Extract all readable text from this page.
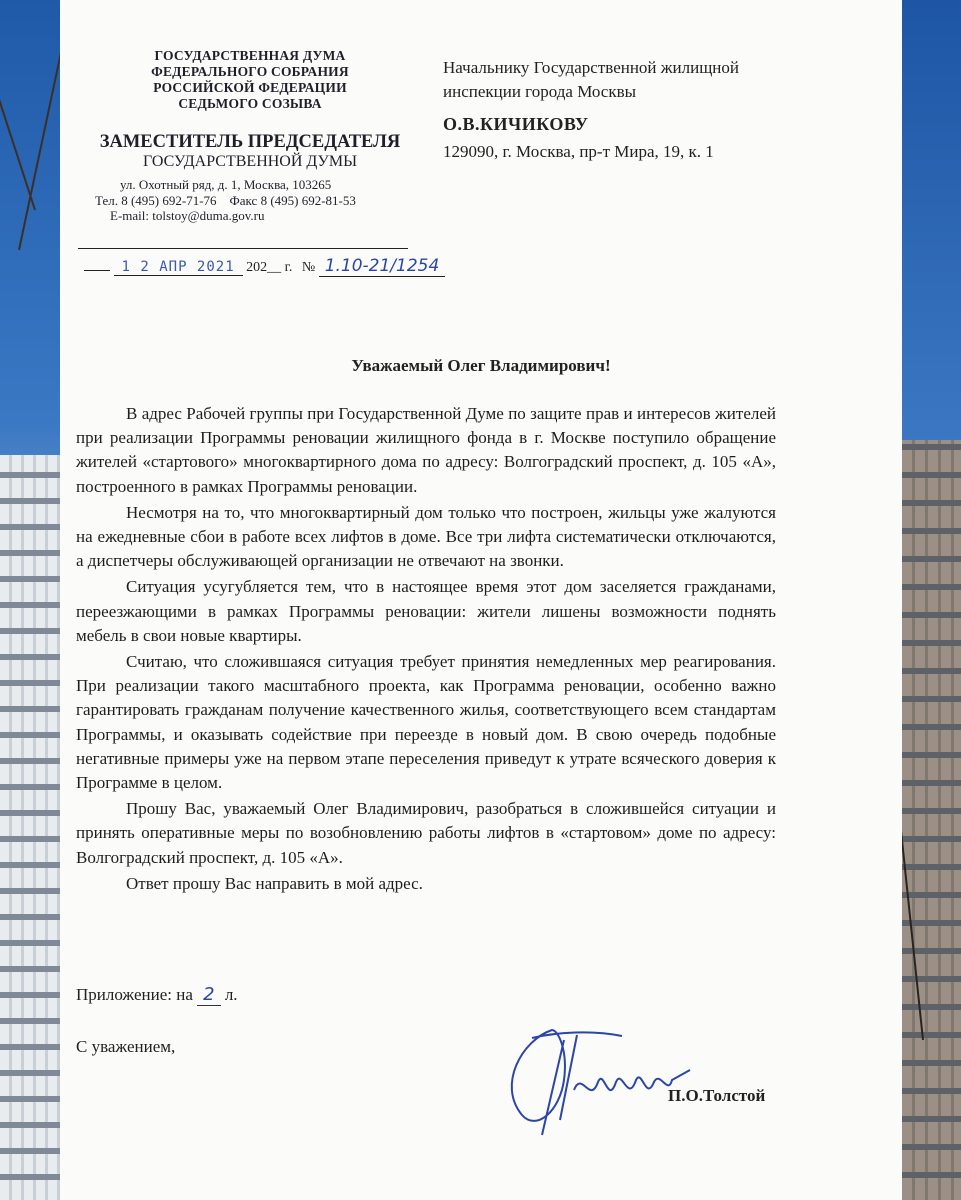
ГОСУДАРСТВЕННАЯ ДУМА
ФЕДЕРАЛЬНОГО СОБРАНИЯ
РОССИЙСКОЙ ФЕДЕРАЦИИ
СЕДЬМОГО СОЗЫВА
ЗАМЕСТИТЕЛЬ ПРЕДСЕДАТЕЛЯ
ГОСУДАРСТВЕННОЙ ДУМЫ
ул. Охотный ряд, д. 1, Москва, 103265
Тел. 8 (495) 692-71-76    Факс 8 (495) 692-81-53
E-mail: tolstoy@duma.gov.ru
1 2 АПР 2021 202__ г. № 1.10-21/1254
Начальнику Государственной жилищной
инспекции города Москвы
О.В.КИЧИКОВУ
129090, г. Москва, пр-т Мира, 19, к. 1
Уважаемый Олег Владимирович!

В адрес Рабочей группы при Государственной Думе по защите прав и интересов жителей при реализации Программы реновации жилищного фонда в г. Москве поступило обращение жителей «стартового» многоквартирного дома по адресу: Волгоградский проспект, д. 105 «А», построенного в рамках Программы реновации.

Несмотря на то, что многоквартирный дом только что построен, жильцы уже жалуются на ежедневные сбои в работе всех лифтов в доме. Все три лифта систематически отключаются, а диспетчеры обслуживающей организации не отвечают на звонки.

Ситуация усугубляется тем, что в настоящее время этот дом заселяется гражданами, переезжающими в рамках Программы реновации: жители лишены возможности поднять мебель в свои новые квартиры.

Считаю, что сложившаяся ситуация требует принятия немедленных мер реагирования. При реализации такого масштабного проекта, как Программа реновации, особенно важно гарантировать гражданам получение качественного жилья, соответствующего всем стандартам Программы, и оказывать содействие при переезде в новый дом. В свою очередь подобные негативные примеры уже на первом этапе переселения приведут к утрате всяческого доверия к Программе в целом.

Прошу Вас, уважаемый Олег Владимирович, разобраться в сложившейся ситуации и принять оперативные меры по возобновлению работы лифтов в «стартовом» доме по адресу: Волгоградский проспект, д. 105 «А».

Ответ прошу Вас направить в мой адрес.

Приложение: на 2 л.
С уважением,
П.О.Толстой
